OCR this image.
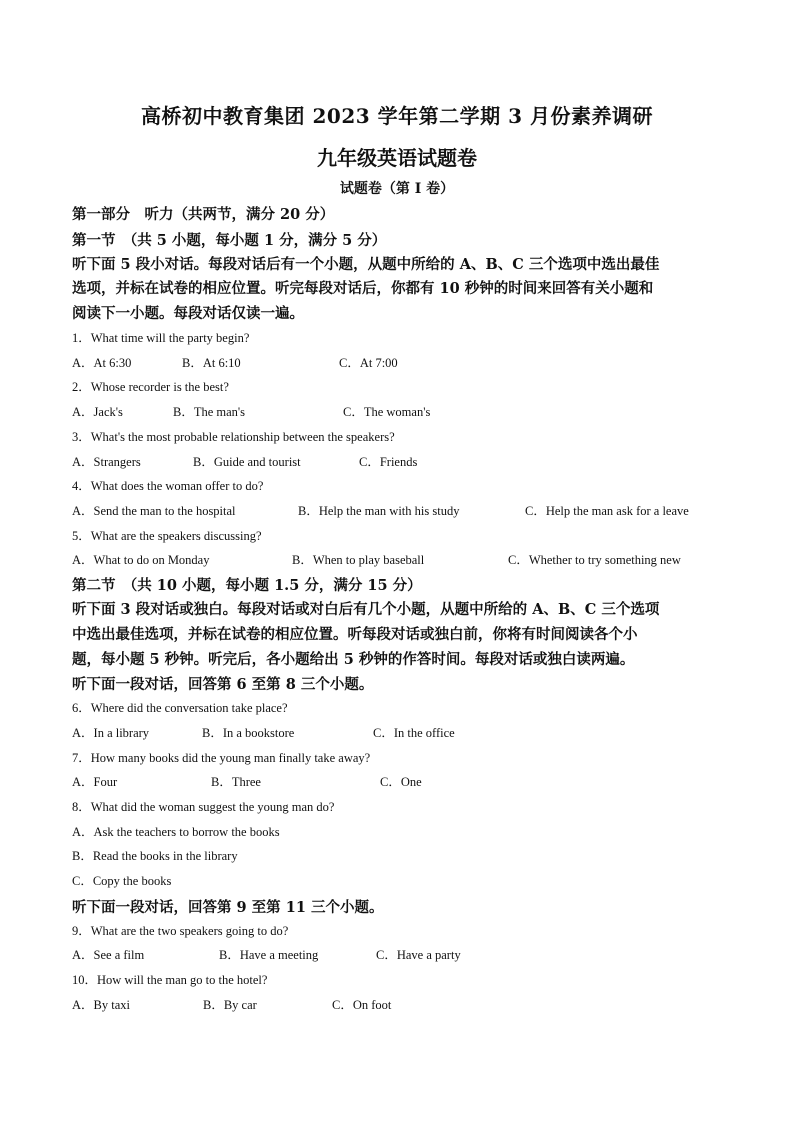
高桥初中教育集团 2023 学年第二学期 3 月份素养调研
九年级英语试题卷
试题卷（第 I 卷）
第一部分　听力（共两节，满分 20 分）
第一节　（共 5 小题，每小题 1 分，满分 5 分）
听下面 5 段小对话。每段对话后有一个小题，从题中所给的 A、B、C 三个选项中选出最佳
选项，并标在试卷的相应位置。听完每段对话后，你都有 10 秒钟的时间来回答有关小题和
阅读下一小题。每段对话仅读一遍。
1．What time will the party begin?
A．At 6:30	B．At 6:10	C．At 7:00
2．Whose recorder is the best?
A．Jack's	B．The man's	C．The woman's
3．What's the most probable relationship between the speakers?
A．Strangers	B．Guide and tourist	C．Friends
4．What does the woman offer to do?
A．Send the man to the hospital	B．Help the man with his study	C．Help the man ask for a leave
5．What are the speakers discussing?
A．What to do on Monday	B．When to play baseball	C．Whether to try something new
第二节　（共 10 小题，每小题 1.5 分，满分 15 分）
听下面 3 段对话或独白。每段对话或对白后有几个小题，从题中所给的 A、B、C 三个选项
中选出最佳选项，并标在试卷的相应位置。听每段对话或独白前，你将有时间阅读各个小
题，每小题 5 秒钟。听完后，各小题给出 5 秒钟的作答时间。每段对话或独白读两遍。
听下面一段对话，回答第 6 至第 8 三个小题。
6．Where did the conversation take place?
A．In a library	B．In a bookstore	C．In the office
7．How many books did the young man finally take away?
A．Four	B．Three	C．One
8．What did the woman suggest the young man do?
A．Ask the teachers to borrow the books
B．Read the books in the library
C．Copy the books
听下面一段对话，回答第 9 至第 11 三个小题。
9．What are the two speakers going to do?
A．See a film	B．Have a meeting	C．Have a party
10．How will the man go to the hotel?
A．By taxi	B．By car	C．On foot
